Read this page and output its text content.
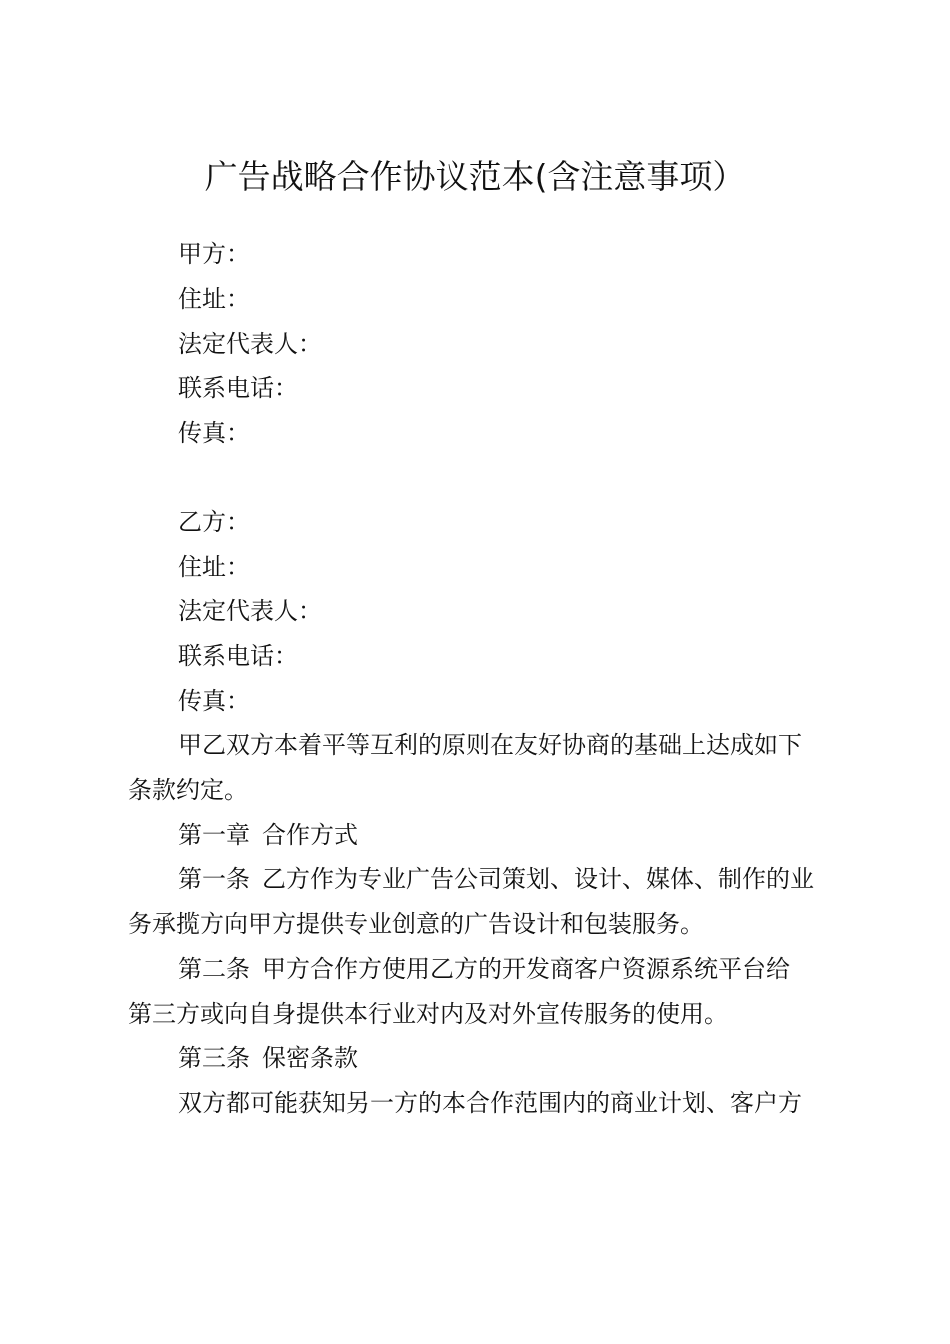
广告战略合作协议范本(含注意事项）
甲方：
住址：
法定代表人：
联系电话：
传真：
乙方：
住址：
法定代表人：
联系电话：
传真：
甲乙双方本着平等互利的原则在友好协商的基础上达成如下
条款约定。
第一章 合作方式
第一条 乙方作为专业广告公司策划、设计、媒体、制作的业
务承揽方向甲方提供专业创意的广告设计和包装服务。
第二条 甲方合作方使用乙方的开发商客户资源系统平台给
第三方或向自身提供本行业对内及对外宣传服务的使用。
第三条 保密条款
双方都可能获知另一方的本合作范围内的商业计划、客户方
